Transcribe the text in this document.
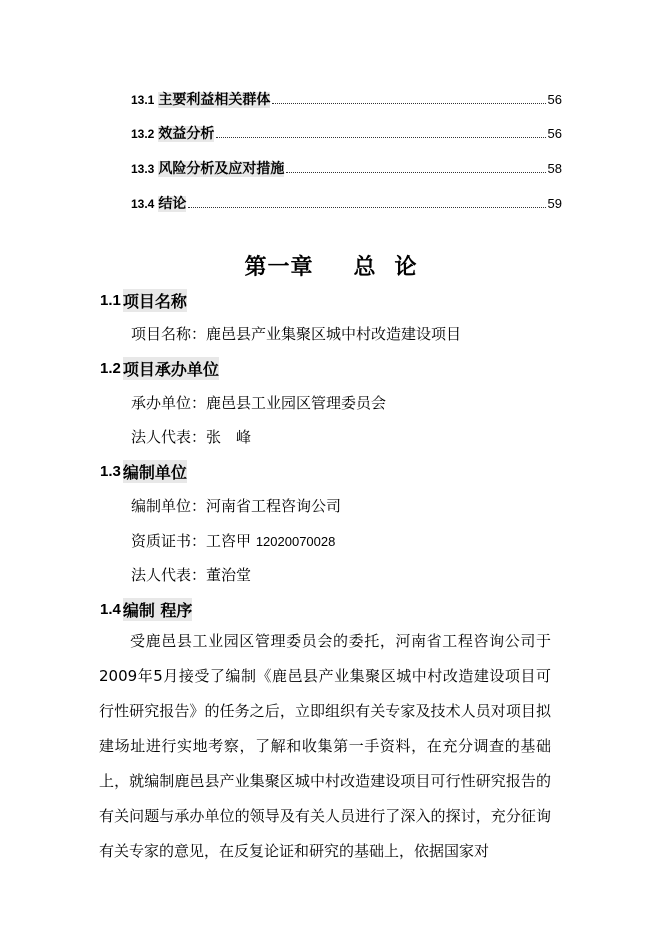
13.1 主要利益相关群体	56
13.2 效益分析	56
13.3 风险分析及应对措施	58
13.4 结论	59
第一章 总 论
1.1 项目名称
项目名称：鹿邑县产业集聚区城中村改造建设项目
1.2 项目承办单位
承办单位：鹿邑县工业园区管理委员会
法人代表：张　峰
1.3 编制单位
编制单位：河南省工程咨询公司
资质证书：工咨甲 12020070028
法人代表：董治堂
1.4 编制 程序

受鹿邑县工业园区管理委员会的委托，河南省工程咨询公司于2009年5月接受了编制《鹿邑县产业集聚区城中村改造建设项目可行性研究报告》的任务之后，立即组织有关专家及技术人员对项目拟建场址进行实地考察，了解和收集第一手资料，在充分调查的基础上，就编制鹿邑县产业集聚区城中村改造建设项目可行性研究报告的有关问题与承办单位的领导及有关人员进行了深入的探讨，充分征询有关专家的意见，在反复论证和研究的基础上，依据国家对
